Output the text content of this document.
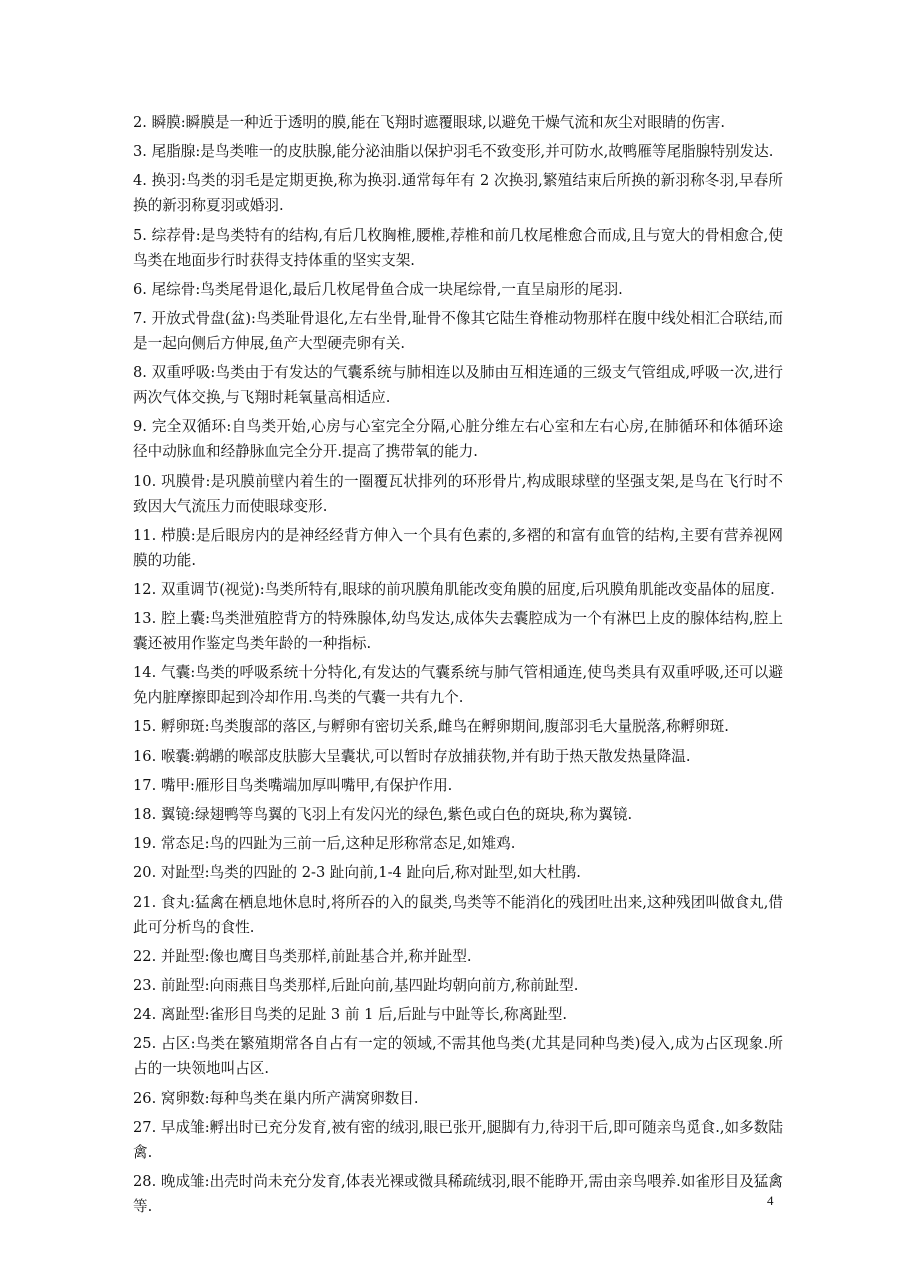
2. 瞬膜:瞬膜是一种近于透明的膜,能在飞翔时遮覆眼球,以避免干燥气流和灰尘对眼睛的伤害.

3. 尾脂腺:是鸟类唯一的皮肤腺,能分泌油脂以保护羽毛不致变形,并可防水,故鸭雁等尾脂腺特别发达.

4. 换羽:鸟类的羽毛是定期更换,称为换羽.通常每年有 2 次换羽,繁殖结束后所换的新羽称冬羽,早春所换的新羽称夏羽或婚羽.

5. 综荐骨:是鸟类特有的结构,有后几枚胸椎,腰椎,荐椎和前几枚尾椎愈合而成,且与宽大的骨相愈合,使鸟类在地面步行时获得支持体重的坚实支架.

6. 尾综骨:鸟类尾骨退化,最后几枚尾骨鱼合成一块尾综骨,一直呈扇形的尾羽.

7. 开放式骨盘(盆):鸟类耻骨退化,左右坐骨,耻骨不像其它陆生脊椎动物那样在腹中线处相汇合联结,而是一起向侧后方伸展,鱼产大型硬壳卵有关.

8. 双重呼吸:鸟类由于有发达的气囊系统与肺相连以及肺由互相连通的三级支气管组成,呼吸一次,进行两次气体交换,与飞翔时耗氧量高相适应.

9. 完全双循环:自鸟类开始,心房与心室完全分隔,心脏分维左右心室和左右心房,在肺循环和体循环途径中动脉血和经静脉血完全分开.提高了携带氧的能力.

10. 巩膜骨:是巩膜前壁内着生的一圈覆瓦状排列的环形骨片,构成眼球壁的坚强支架,是鸟在飞行时不致因大气流压力而使眼球变形.

11. 栉膜:是后眼房内的是神经经背方伸入一个具有色素的,多褶的和富有血管的结构,主要有营养视网膜的功能.

12. 双重调节(视觉):鸟类所特有,眼球的前巩膜角肌能改变角膜的屈度,后巩膜角肌能改变晶体的屈度.

13. 腔上囊:鸟类泄殖腔背方的特殊腺体,幼鸟发达,成体失去囊腔成为一个有淋巴上皮的腺体结构,腔上囊还被用作鉴定鸟类年龄的一种指标.

14. 气囊:鸟类的呼吸系统十分特化,有发达的气囊系统与肺气管相通连,使鸟类具有双重呼吸,还可以避免内脏摩擦即起到冷却作用.鸟类的气囊一共有九个.

15. 孵卵斑:鸟类腹部的落区,与孵卵有密切关系,雌鸟在孵卵期间,腹部羽毛大量脱落,称孵卵斑.

16. 喉囊:鹈鹕的喉部皮肤膨大呈囊状,可以暂时存放捕获物,并有助于热天散发热量降温.

17. 嘴甲:雁形目鸟类嘴端加厚叫嘴甲,有保护作用.

18. 翼镜:绿翅鸭等鸟翼的飞羽上有发闪光的绿色,紫色或白色的斑块,称为翼镜.

19. 常态足:鸟的四趾为三前一后,这种足形称常态足,如雉鸡.

20. 对趾型:鸟类的四趾的 2-3 趾向前,1-4 趾向后,称对趾型,如大杜鹃.

21. 食丸:猛禽在栖息地休息时,将所吞的入的鼠类,鸟类等不能消化的残团吐出来,这种残团叫做食丸,借此可分析鸟的食性.

22. 并趾型:像也鹰目鸟类那样,前趾基合并,称并趾型.

23. 前趾型:向雨燕目鸟类那样,后趾向前,基四趾均朝向前方,称前趾型.

24. 离趾型:雀形目鸟类的足趾 3 前 1 后,后趾与中趾等长,称离趾型.

25. 占区:鸟类在繁殖期常各自占有一定的领域,不需其他鸟类(尤其是同种鸟类)侵入,成为占区现象.所占的一块领地叫占区.

26. 窝卵数:每种鸟类在巢内所产满窝卵数目.

27. 早成雏:孵出时已充分发育,被有密的绒羽,眼已张开,腿脚有力,待羽干后,即可随亲鸟觅食.,如多数陆禽.

28. 晚成雏:出壳时尚未充分发育,体表光裸或微具稀疏绒羽,眼不能睁开,需由亲鸟喂养.如雀形目及猛禽等.	4
